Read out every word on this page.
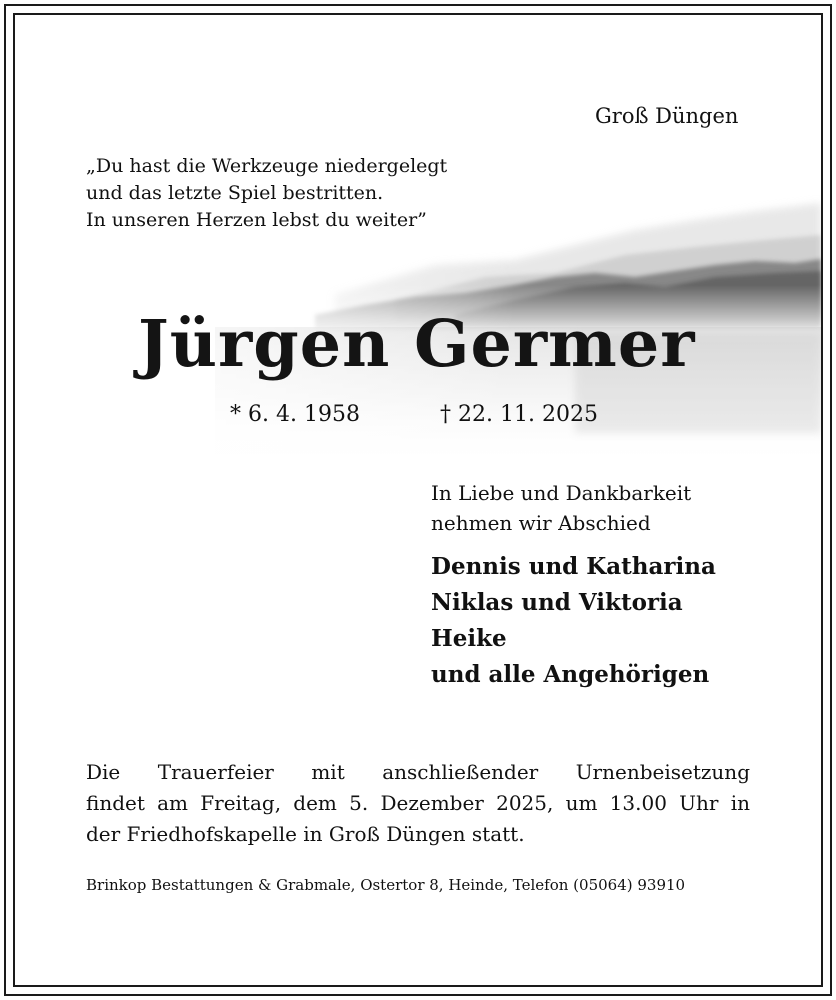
Groß Düngen
„Du hast die Werkzeuge niedergelegt
und das letzte Spiel bestritten.
In unseren Herzen lebst du weiter”
Jürgen Germer
* 6. 4. 1958	† 22. 11. 2025
In Liebe und Dankbarkeit
nehmen wir Abschied
Dennis und Katharina
Niklas und Viktoria
Heike
und alle Angehörigen
Die Trauerfeier mit anschließender Urnenbeisetzung
findet am Freitag, dem 5. Dezember 2025, um 13.00 Uhr in
der Friedhofskapelle in Groß Düngen statt.
Brinkop Bestattungen & Grabmale, Ostertor 8, Heinde, Telefon (05064) 93910
